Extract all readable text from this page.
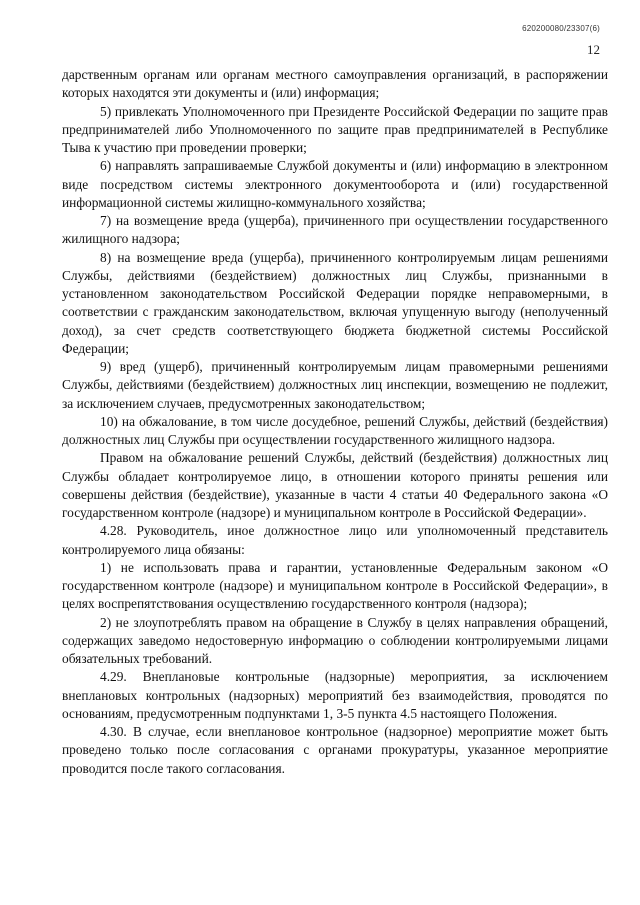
620200080/23307(6)
12

дарственным органам или органам местного самоуправления организаций, в распоряжении которых находятся эти документы и (или) информация;

5) привлекать Уполномоченного при Президенте Российской Федерации по защите прав предпринимателей либо Уполномоченного по защите прав предпринимателей в Республике Тыва к участию при проведении проверки;

6) направлять запрашиваемые Службой документы и (или) информацию в электронном виде посредством системы электронного документооборота и (или) государственной информационной системы жилищно-коммунального хозяйства;

7) на возмещение вреда (ущерба), причиненного при осуществлении государственного жилищного надзора;

8) на возмещение вреда (ущерба), причиненного контролируемым лицам решениями Службы, действиями (бездействием) должностных лиц Службы, признанными в установленном законодательством Российской Федерации порядке неправомерными, в соответствии с гражданским законодательством, включая упущенную выгоду (неполученный доход), за счет средств соответствующего бюджета бюджетной системы Российской Федерации;

9) вред (ущерб), причиненный контролируемым лицам правомерными решениями Службы, действиями (бездействием) должностных лиц инспекции, возмещению не подлежит, за исключением случаев, предусмотренных законодательством;

10) на обжалование, в том числе досудебное, решений Службы, действий (бездействия) должностных лиц Службы при осуществлении государственного жилищного надзора.

Правом на обжалование решений Службы, действий (бездействия) должностных лиц Службы обладает контролируемое лицо, в отношении которого приняты решения или совершены действия (бездействие), указанные в части 4 статьи 40 Федерального закона «О государственном контроле (надзоре) и муниципальном контроле в Российской Федерации».

4.28. Руководитель, иное должностное лицо или уполномоченный представитель контролируемого лица обязаны:

1) не использовать права и гарантии, установленные Федеральным законом «О государственном контроле (надзоре) и муниципальном контроле в Российской Федерации», в целях воспрепятствования осуществлению государственного контроля (надзора);

2) не злоупотреблять правом на обращение в Службу в целях направления обращений, содержащих заведомо недостоверную информацию о соблюдении контролируемыми лицами обязательных требований.

4.29. Внеплановые контрольные (надзорные) мероприятия, за исключением внеплановых контрольных (надзорных) мероприятий без взаимодействия, проводятся по основаниям, предусмотренным подпунктами 1, 3-5 пункта 4.5 настоящего Положения.

4.30. В случае, если внеплановое контрольное (надзорное) мероприятие может быть проведено только после согласования с органами прокуратуры, указанное мероприятие проводится после такого согласования.
